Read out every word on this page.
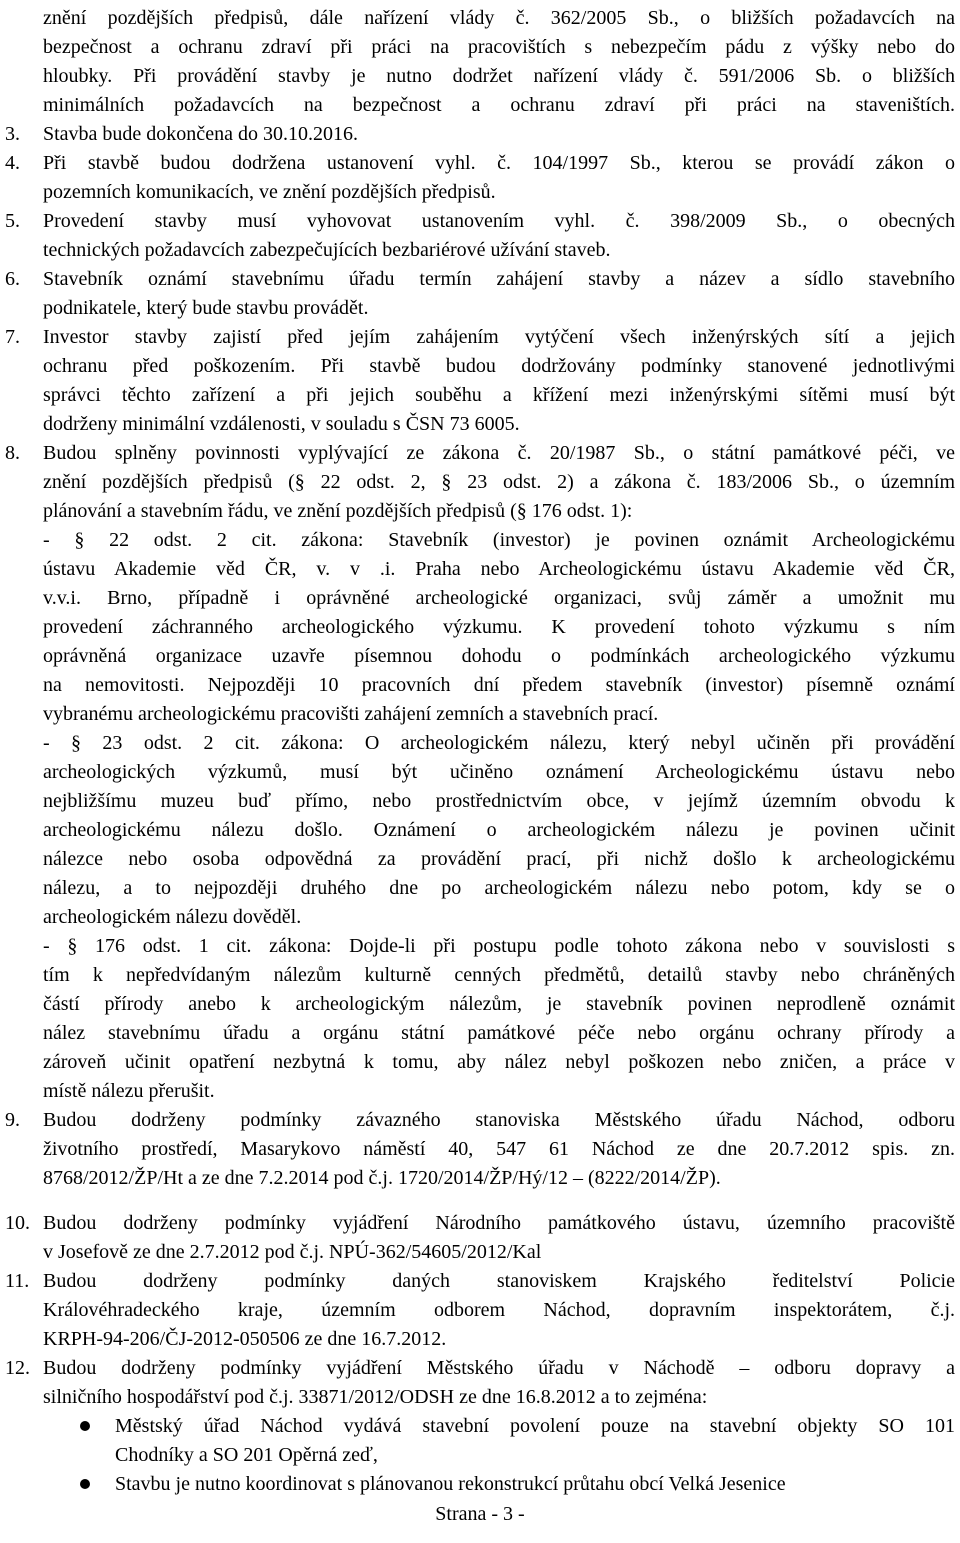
znění pozdějších předpisů, dále nařízení vlády č. 362/2005 Sb., o bližších požadavcích na
bezpečnost a ochranu zdraví při práci na pracovištích s nebezpečím pádu z výšky nebo do
hloubky. Při provádění stavby je nutno dodržet nařízení vlády č. 591/2006 Sb. o bližších
minimálních požadavcích na bezpečnost a ochranu zdraví při práci na staveništích.
Stavba bude dokončena do 30.10.2016.
3.
Při stavbě budou dodržena ustanovení vyhl. č. 104/1997 Sb., kterou se provádí zákon o
4.
pozemních komunikacích, ve znění pozdějších předpisů.
Provedení stavby musí vyhovovat ustanovením vyhl. č. 398/2009 Sb., o obecných
5.
technických požadavcích zabezpečujících bezbariérové užívání staveb.
Stavebník oznámí stavebnímu úřadu termín zahájení stavby a název a sídlo stavebního
6.
podnikatele, který bude stavbu provádět.
Investor stavby zajistí před jejím zahájením vytýčení všech inženýrských sítí a jejich
7.
ochranu před poškozením. Při stavbě budou dodržovány podmínky stanovené jednotlivými
správci těchto zařízení a při jejich souběhu a křížení mezi inženýrskými sítěmi musí být
dodrženy minimální vzdálenosti, v souladu s ČSN 73 6005.
Budou splněny povinnosti vyplývající ze zákona č. 20/1987 Sb., o státní památkové péči, ve
8.
znění pozdějších předpisů (§ 22 odst. 2, § 23 odst. 2) a zákona č. 183/2006 Sb., o územním
plánování a stavebním řádu, ve znění pozdějších předpisů (§ 176 odst. 1):
- § 22 odst. 2 cit. zákona: Stavebník (investor) je povinen oznámit Archeologickému
ústavu Akademie věd ČR, v. v .i. Praha nebo Archeologickému ústavu Akademie věd ČR,
v.v.i. Brno, případně i oprávněné archeologické organizaci, svůj záměr a umožnit mu
provedení záchranného archeologického výzkumu. K provedení tohoto výzkumu s ním
oprávněná organizace uzavře písemnou dohodu o podmínkách archeologického výzkumu
na nemovitosti. Nejpozději 10 pracovních dní předem stavebník (investor) písemně oznámí
vybranému archeologickému pracovišti zahájení zemních a stavebních prací.
- § 23 odst. 2 cit. zákona: O archeologickém nálezu, který nebyl učiněn při provádění
archeologických výzkumů, musí být učiněno oznámení Archeologickému ústavu nebo
nejbližšímu muzeu buď přímo, nebo prostřednictvím obce, v jejímž územním obvodu k
archeologickému nálezu došlo. Oznámení o archeologickém nálezu je povinen učinit
nálezce nebo osoba odpovědná za provádění prací, při nichž došlo k archeologickému
nálezu, a to nejpozději druhého dne po archeologickém nálezu nebo potom, kdy se o
archeologickém nálezu dověděl.
- § 176 odst. 1 cit. zákona: Dojde-li při postupu podle tohoto zákona nebo v souvislosti s
tím k nepředvídaným nálezům kulturně cenných předmětů, detailů stavby nebo chráněných
částí přírody anebo k archeologickým nálezům, je stavebník povinen neprodleně oznámit
nález stavebnímu úřadu a orgánu státní památkové péče nebo orgánu ochrany přírody a
zároveň učinit opatření nezbytná k tomu, aby nález nebyl poškozen nebo zničen, a práce v
místě nálezu přerušit.
Budou dodrženy podmínky závazného stanoviska Městského úřadu Náchod, odboru
9.
životního prostředí, Masarykovo náměstí 40, 547 61 Náchod ze dne 20.7.2012 spis. zn.
8768/2012/ŽP/Ht a ze dne 7.2.2014 pod č.j. 1720/2014/ŽP/Hý/12 – (8222/2014/ŽP).
Budou dodrženy podmínky vyjádření Národního památkového ústavu, územního pracoviště
10.
v Josefově ze dne 2.7.2012 pod č.j. NPÚ-362/54605/2012/Kal
Budou dodrženy podmínky daných stanoviskem Krajského ředitelství Policie
11.
Královéhradeckého kraje, územním odborem Náchod, dopravním inspektorátem, č.j.
KRPH-94-206/ČJ-2012-050506 ze dne 16.7.2012.
Budou dodrženy podmínky vyjádření Městského úřadu v Náchodě – odboru dopravy a
12.
silničního hospodářství pod č.j. 33871/2012/ODSH ze dne 16.8.2012 a to zejména:
Městský úřad Náchod vydává stavební povolení pouze na stavební objekty SO 101
Chodníky a SO 201 Opěrná zeď,
Stavbu je nutno koordinovat s plánovanou rekonstrukcí průtahu obcí Velká Jesenice
Strana - 3 -
